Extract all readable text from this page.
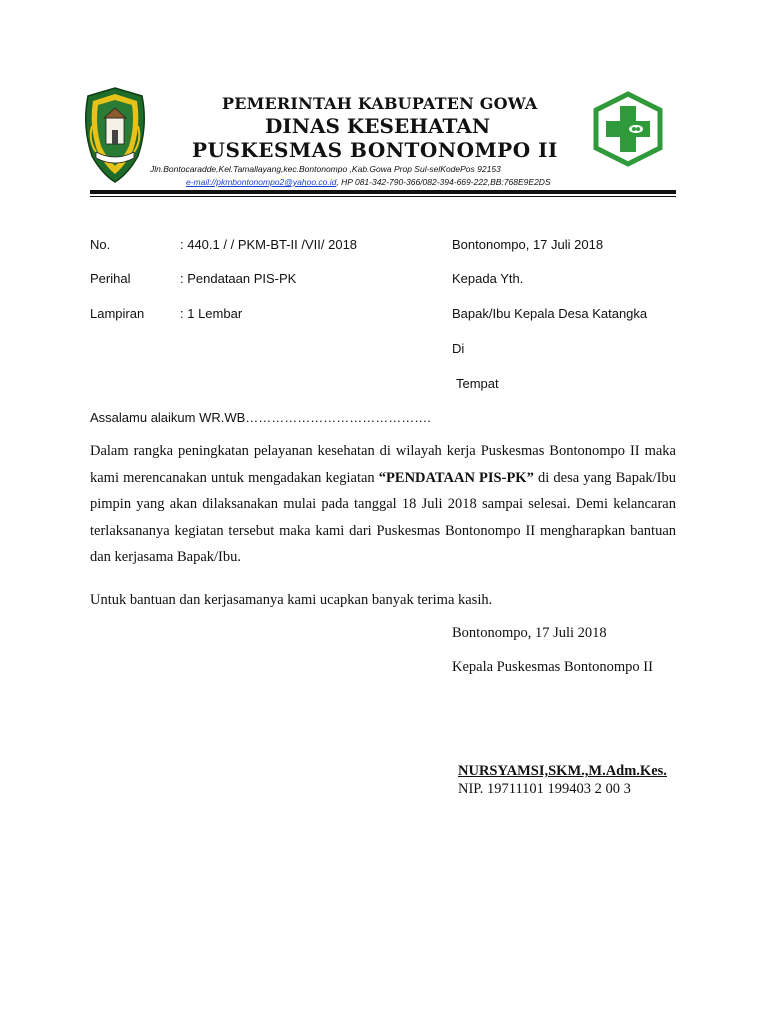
PEMERINTAH KABUPATEN GOWA
DINAS KESEHATAN
PUSKESMAS BONTONOMPO II
Jln.Bontocaradde,Kel.Tamallayang,kec.Bontonompo ,Kab.Gowa Prop Sul-selKodePos 92153
e-mail://pkmbontonompo2@yahoo.co.id, HP 081-342-790-366/082-394-669-222,BB:768E9E2DS
No.	: 440.1 / / PKM-BT-II /VII/ 2018	Bontonompo, 17 Juli 2018
Perihal	: Pendataan PIS-PK	Kepada Yth.
Lampiran	: 1 Lembar	Bapak/Ibu Kepala Desa Katangka
Di
Tempat
Assalamu alaikum WR.WB…………………………………….
Dalam rangka peningkatan pelayanan kesehatan di wilayah kerja Puskesmas Bontonompo II maka kami merencanakan untuk mengadakan kegiatan “PENDATAAN PIS-PK” di desa yang Bapak/Ibu pimpin yang akan dilaksanakan mulai pada tanggal 18 Juli 2018 sampai selesai. Demi kelancaran terlaksananya kegiatan tersebut maka kami dari Puskesmas Bontonompo II mengharapkan bantuan dan kerjasama Bapak/Ibu.
Untuk bantuan dan kerjasamanya kami ucapkan banyak terima kasih.
Bontonompo, 17 Juli 2018
Kepala Puskesmas Bontonompo II
NURSYAMSI,SKM.,M.Adm.Kes.
NIP. 19711101 199403 2 00 3
